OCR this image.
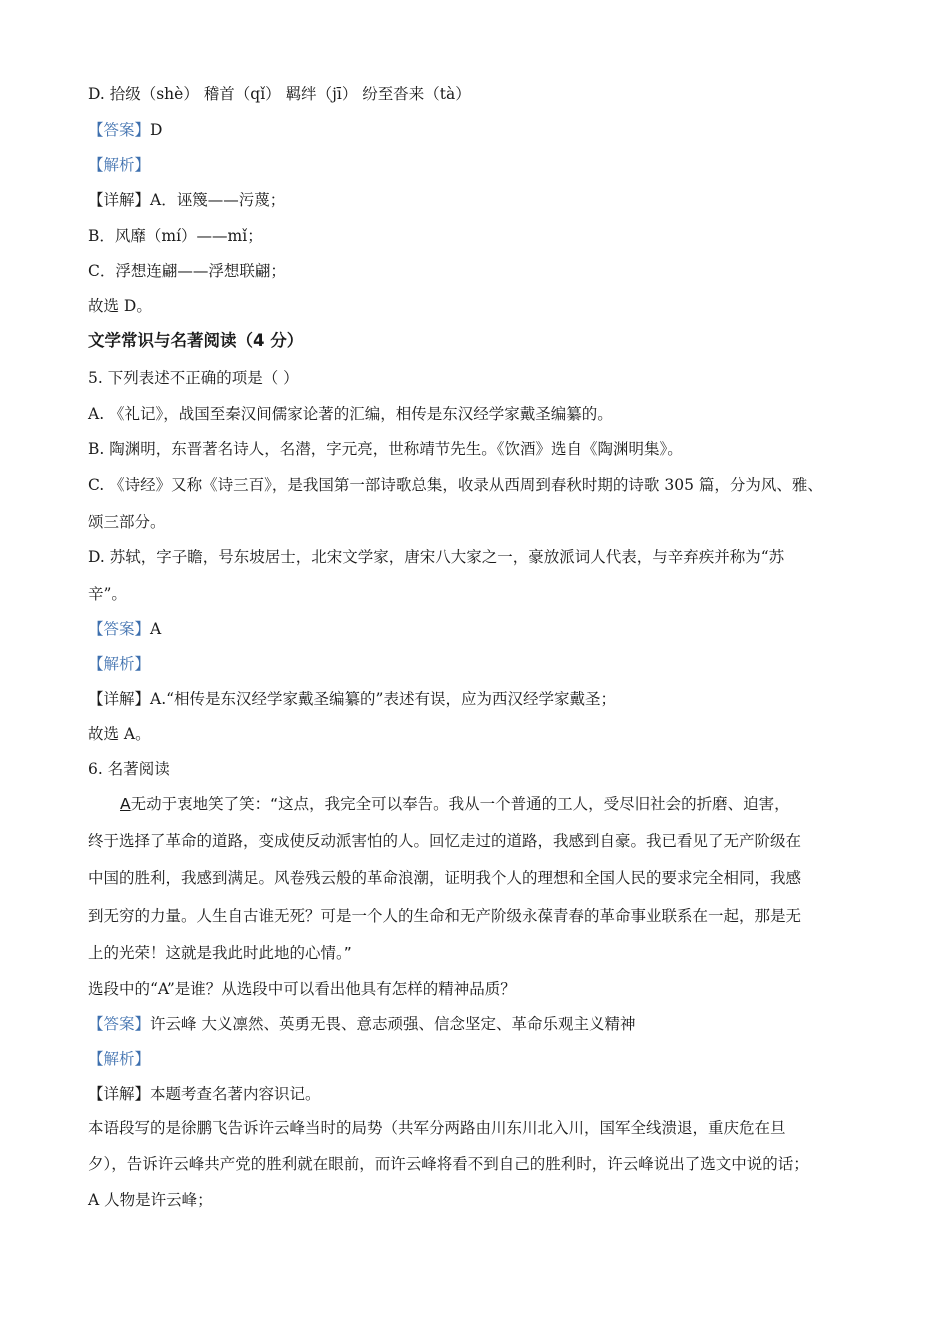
D. 拾级（shè） 稽首（qǐ） 羁绊（jī） 纷至沓来（tà）
【答案】D
【解析】
【详解】A．诬篾——污蔑；
B．风靡（mí）——mǐ；
C．浮想连翩——浮想联翩；
故选 D。
文学常识与名著阅读（4 分）
5. 下列表述不正确的项是（ ）
A. 《礼记》，战国至秦汉间儒家论著的汇编，相传是东汉经学家戴圣编纂的。
B. 陶渊明，东晋著名诗人，名潜，字元亮，世称靖节先生。《饮酒》选自《陶渊明集》。
C. 《诗经》又称《诗三百》，是我国第一部诗歌总集，收录从西周到春秋时期的诗歌 305 篇，分为风、雅、
颂三部分。
D. 苏轼，字子瞻，号东坡居士，北宋文学家，唐宋八大家之一，豪放派词人代表，与辛弃疾并称为“苏
辛”。
【答案】A
【解析】
【详解】A.“相传是东汉经学家戴圣编纂的”表述有误，应为西汉经学家戴圣；
故选 A。
6. 名著阅读
A无动于衷地笑了笑：“这点，我完全可以奉告。我从一个普通的工人，受尽旧社会的折磨、迫害，
终于选择了革命的道路，变成使反动派害怕的人。回忆走过的道路，我感到自豪。我已看见了无产阶级在
中国的胜利，我感到满足。风卷残云般的革命浪潮，证明我个人的理想和全国人民的要求完全相同，我感
到无穷的力量。人生自古谁无死？可是一个人的生命和无产阶级永葆青春的革命事业联系在一起，那是无
上的光荣！这就是我此时此地的心情。”
选段中的“A”是谁？从选段中可以看出他具有怎样的精神品质？
【答案】许云峰 大义凛然、英勇无畏、意志顽强、信念坚定、革命乐观主义精神
【解析】
【详解】本题考查名著内容识记。
本语段写的是徐鹏飞告诉许云峰当时的局势（共军分两路由川东川北入川，国军全线溃退，重庆危在旦
夕），告诉许云峰共产党的胜利就在眼前，而许云峰将看不到自己的胜利时，许云峰说出了选文中说的话；
A 人物是许云峰；
